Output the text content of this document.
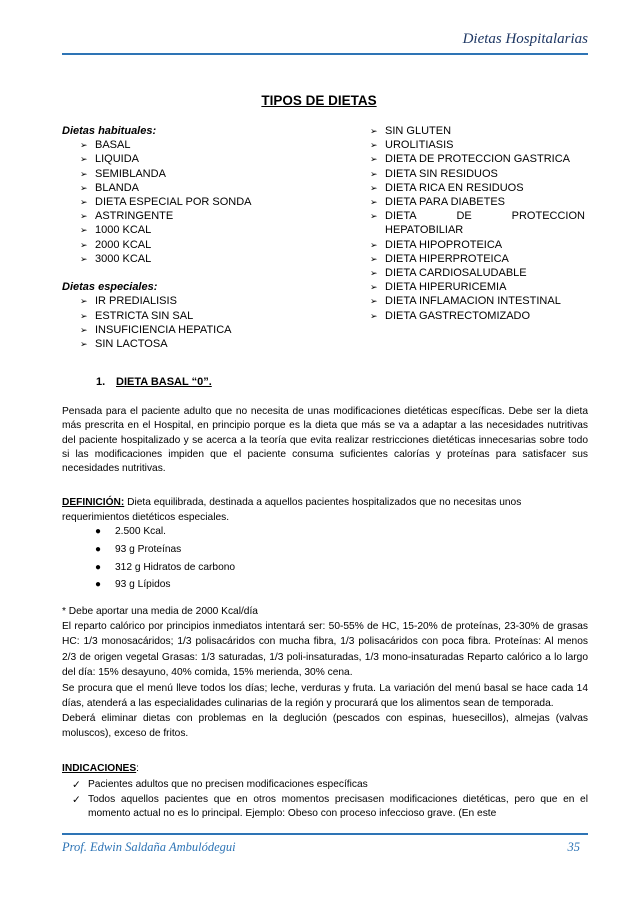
Dietas Hospitalarias
TIPOS DE DIETAS
Dietas habituales:
➢ BASAL
➢ LIQUIDA
➢ SEMIBLANDA
➢ BLANDA
➢ DIETA ESPECIAL POR SONDA
➢ ASTRINGENTE
➢ 1000 KCAL
➢ 2000 KCAL
➢ 3000 KCAL
Dietas especiales:
➢ IR PREDIALISIS
➢ ESTRICTA SIN SAL
➢ INSUFICIENCIA HEPATICA
➢ SIN LACTOSA
➢ SIN GLUTEN
➢ UROLITIASIS
➢ DIETA DE PROTECCION GASTRICA
➢ DIETA SIN RESIDUOS
➢ DIETA RICA EN RESIDUOS
➢ DIETA PARA DIABETES
➢ DIETA	DE	PROTECCION
HEPATOBILIAR
➢ DIETA HIPOPROTEICA
➢ DIETA HIPERPROTEICA
➢ DIETA CARDIOSALUDABLE
➢ DIETA HIPERURICEMIA
➢ DIETA INFLAMACION INTESTINAL
➢ DIETA GASTRECTOMIZADO
1. DIETA BASAL “0”.

Pensada para el paciente adulto que no necesita de unas modificaciones dietéticas específicas. Debe ser la dieta más prescrita en el Hospital, en principio porque es la dieta que más se va a adaptar a las necesidades nutritivas del paciente hospitalizado y se acerca a la teoría que evita realizar restricciones dietéticas innecesarias sobre todo si las modificaciones impiden que el paciente consuma suficientes calorías y proteínas para satisfacer sus necesidades nutritivas.

DEFINICIÓN: Dieta equilibrada, destinada a aquellos pacientes hospitalizados que no necesitas unos requerimientos dietéticos especiales.

● 2.500 Kcal.
● 93 g Proteínas
● 312 g Hidratos de carbono
● 93 g Lípidos
* Debe aportar una media de 2000 Kcal/día
El reparto calórico por principios inmediatos intentará ser: 50-55% de HC, 15-20% de proteínas, 23-30% de grasas HC: 1/3 monosacáridos; 1/3 polisacáridos con mucha fibra, 1/3 polisacáridos con poca fibra. Proteínas: Al menos 2/3 de origen vegetal Grasas: 1/3 saturadas, 1/3 poli-insaturadas, 1/3 mono-insaturadas Reparto calórico a lo largo del día: 15% desayuno, 40% comida, 15% merienda, 30% cena.
Se procura que el menú lleve todos los días; leche, verduras y fruta. La variación del menú basal se hace cada 14 días, atenderá a las especialidades culinarias de la región y procurará que los alimentos sean de temporada.
Deberá eliminar dietas con problemas en la deglución (pescados con espinas, huesecillos), almejas (valvas moluscos), exceso de fritos.
INDICACIONES:
✓ Pacientes adultos que no precisen modificaciones específicas
✓ Todos aquellos pacientes que en otros momentos precisasen modificaciones dietéticas, pero que en el momento actual no es lo principal. Ejemplo: Obeso con proceso infeccioso grave. (En este
Prof. Edwin Saldaña Ambulódegui	35
